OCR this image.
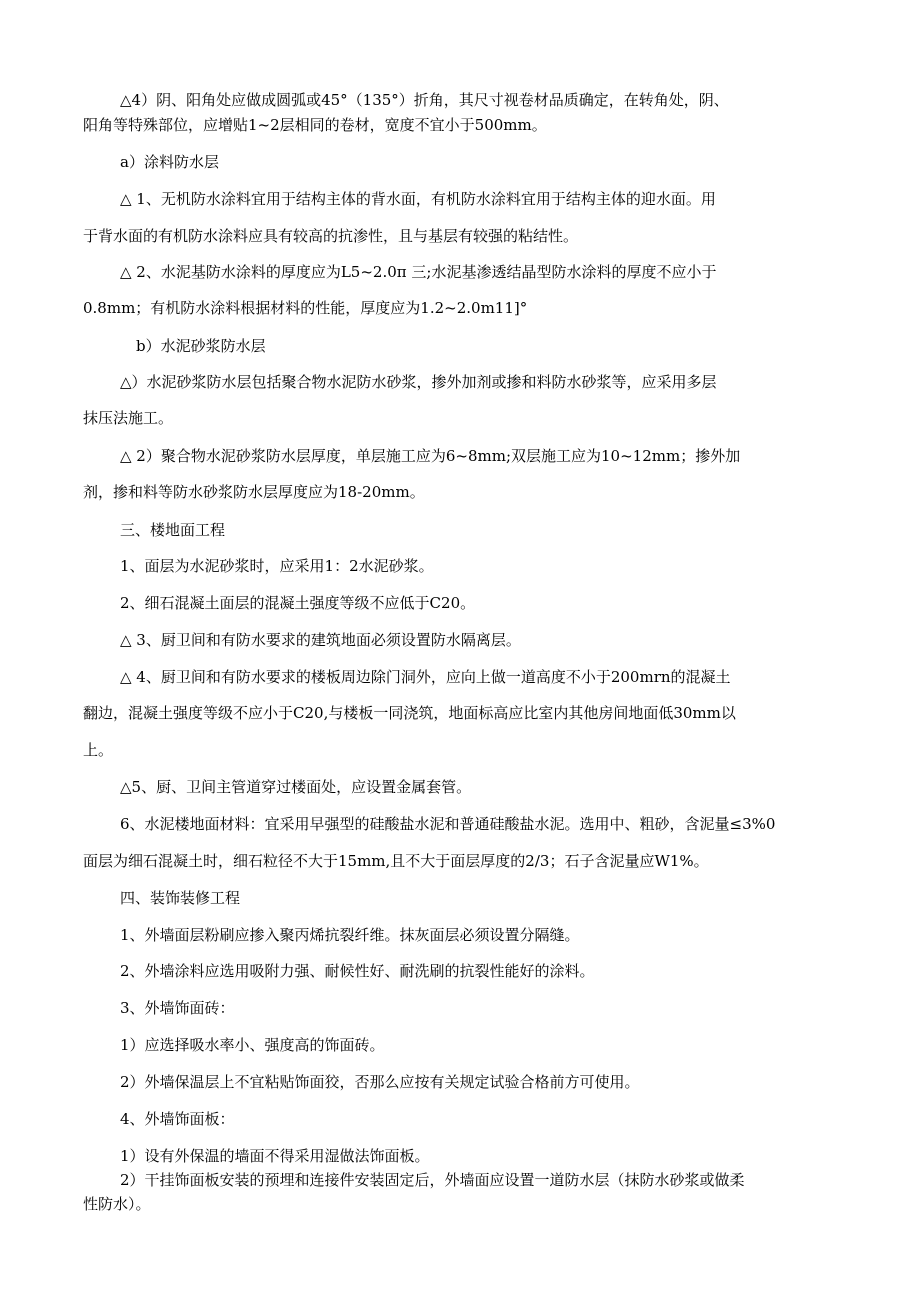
△4）阴、阳角处应做成圆弧或45°（135°）折角，其尺寸视卷材品质确定，在转角处，阴、
阳角等特殊部位，应增贴1~2层相同的卷材，宽度不宜小于500mm。
a）涂料防水层
△ 1、无机防水涂料宜用于结构主体的背水面，有机防水涂料宜用于结构主体的迎水面。用
于背水面的有机防水涂料应具有较高的抗渗性，且与基层有较强的粘结性。
△ 2、水泥基防水涂料的厚度应为L5~2.0π 三;水泥基渗透结晶型防水涂料的厚度不应小于
0.8mm；有机防水涂料根据材料的性能，厚度应为1.2~2.0m11]°
b）水泥砂浆防水层
△）水泥砂浆防水层包括聚合物水泥防水砂浆，掺外加剂或掺和料防水砂浆等，应采用多层
抹压法施工。
△ 2）聚合物水泥砂浆防水层厚度，单层施工应为6~8mm;双层施工应为10~12mm；掺外加
剂，掺和料等防水砂浆防水层厚度应为18-20mm。
三、楼地面工程
1、面层为水泥砂浆时，应采用1：2水泥砂浆。
2、细石混凝土面层的混凝土强度等级不应低于C20。
△ 3、厨卫间和有防水要求的建筑地面必须设置防水隔离层。
△ 4、厨卫间和有防水要求的楼板周边除门洞外，应向上做一道高度不小于200mrn的混凝土
翻边，混凝土强度等级不应小于C20,与楼板一同浇筑，地面标高应比室内其他房间地面低30mm以
上。
△5、厨、卫间主管道穿过楼面处，应设置金属套管。
6、水泥楼地面材料：宜采用早强型的硅酸盐水泥和普通硅酸盐水泥。选用中、粗砂，含泥量≤3%0
面层为细石混凝土时，细石粒径不大于15mm,且不大于面层厚度的2/3；石子含泥量应W1%。
四、装饰装修工程
1、外墙面层粉刷应掺入聚丙烯抗裂纤维。抹灰面层必须设置分隔缝。
2、外墙涂料应选用吸附力强、耐候性好、耐洗刷的抗裂性能好的涂料。
3、外墙饰面砖：
1）应选择吸水率小、强度高的饰面砖。
2）外墙保温层上不宜粘贴饰面狡，否那么应按有关规定试验合格前方可使用。
4、外墙饰面板：
1）设有外保温的墙面不得采用湿做法饰面板。
2）干挂饰面板安装的预埋和连接件安装固定后，外墙面应设置一道防水层（抹防水砂浆或做柔
性防水）。
